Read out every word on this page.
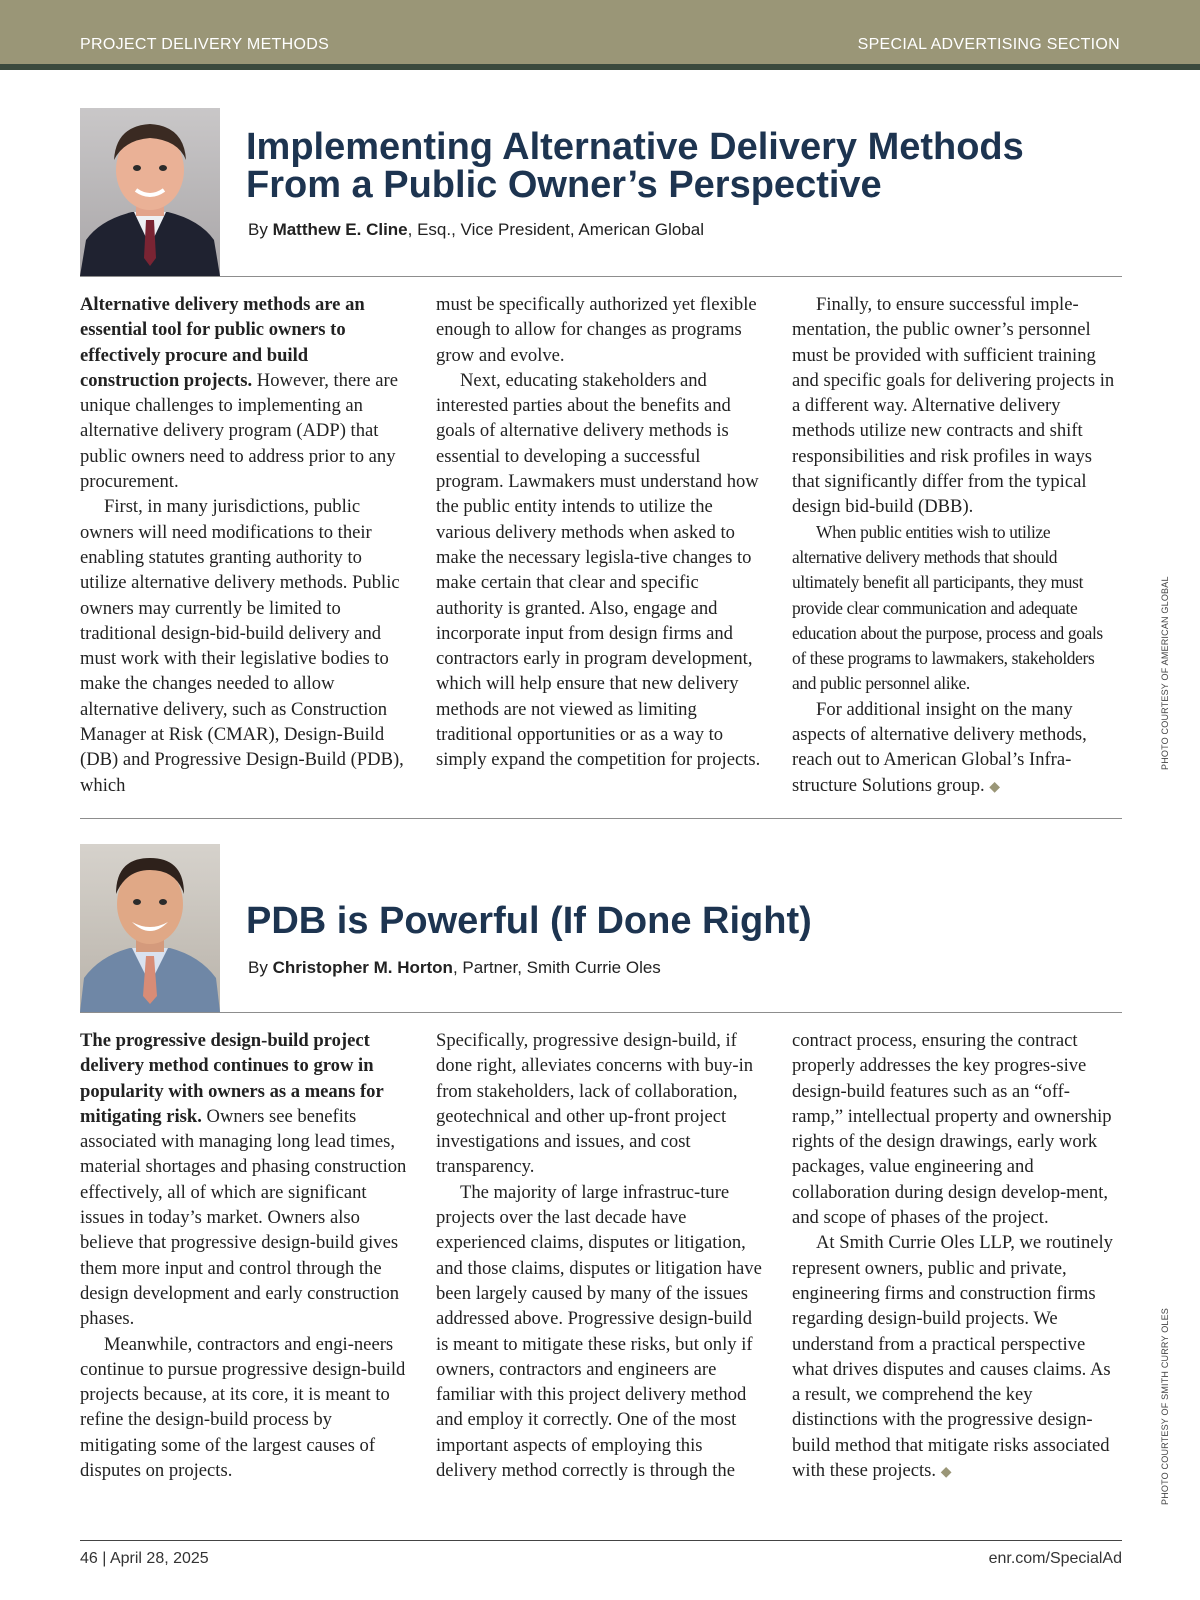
PROJECT DELIVERY METHODS	SPECIAL ADVERTISING SECTION
Implementing Alternative Delivery Methods
From a Public Owner’s Perspective
By Matthew E. Cline, Esq., Vice President, American Global

Alternative delivery methods are an essential tool for public owners to effectively procure and build construction projects. However, there are unique challenges to implementing an alternative delivery program (ADP) that public owners need to address prior to any procurement.

First, in many jurisdictions, public owners will need modifications to their enabling statutes granting authority to utilize alternative delivery methods. Public owners may currently be limited to traditional design-bid-build delivery and must work with their legislative bodies to make the changes needed to allow alternative delivery, such as Construction Manager at Risk (CMAR), Design-Build (DB) and Progressive Design-Build (PDB), which

must be specifically authorized yet flexible enough to allow for changes as programs grow and evolve.

Next, educating stakeholders and interested parties about the benefits and goals of alternative delivery methods is essential to developing a successful program. Lawmakers must understand how the public entity intends to utilize the various delivery methods when asked to make the necessary legisla-tive changes to make certain that clear and specific authority is granted. Also, engage and incorporate input from design firms and contractors early in program development, which will help ensure that new delivery methods are not viewed as limiting traditional opportunities or as a way to simply expand the competition for projects.

Finally, to ensure successful imple-mentation, the public owner’s personnel must be provided with sufficient training and specific goals for delivering projects in a different way. Alternative delivery methods utilize new contracts and shift responsibilities and risk profiles in ways that significantly differ from the typical design bid-build (DBB).

When public entities wish to utilize alternative delivery methods that should ultimately benefit all participants, they must provide clear communication and adequate education about the purpose, process and goals of these programs to lawmakers, stakeholders and public personnel alike.

For additional insight on the many aspects of alternative delivery methods, reach out to American Global’s Infra-structure Solutions group. ◆

PHOTO COURTESY OF AMERICAN GLOBAL
PDB is Powerful (If Done Right)
By Christopher M. Horton, Partner, Smith Currie Oles

The progressive design-build project delivery method continues to grow in popularity with owners as a means for mitigating risk. Owners see benefits associated with managing long lead times, material shortages and phasing construction effectively, all of which are significant issues in today’s market. Owners also believe that progressive design-build gives them more input and control through the design development and early construction phases.

Meanwhile, contractors and engi-neers continue to pursue progressive design-build projects because, at its core, it is meant to refine the design-build process by mitigating some of the largest causes of disputes on projects.

Specifically, progressive design-build, if done right, alleviates concerns with buy-in from stakeholders, lack of collaboration, geotechnical and other up-front project investigations and issues, and cost transparency.

The majority of large infrastruc-ture projects over the last decade have experienced claims, disputes or litigation, and those claims, disputes or litigation have been largely caused by many of the issues addressed above. Progressive design-build is meant to mitigate these risks, but only if owners, contractors and engineers are familiar with this project delivery method and employ it correctly. One of the most important aspects of employing this delivery method correctly is through the

contract process, ensuring the contract properly addresses the key progres-sive design-build features such as an “off-ramp,” intellectual property and ownership rights of the design drawings, early work packages, value engineering and collaboration during design develop-ment, and scope of phases of the project.

At Smith Currie Oles LLP, we routinely represent owners, public and private, engineering firms and construction firms regarding design-build projects. We understand from a practical perspective what drives disputes and causes claims. As a result, we comprehend the key distinctions with the progressive design-build method that mitigate risks associated with these projects. ◆	PHOTO COURTESY OF SMITH CURRY OLES
46 | April 28, 2025	enr.com/SpecialAd
